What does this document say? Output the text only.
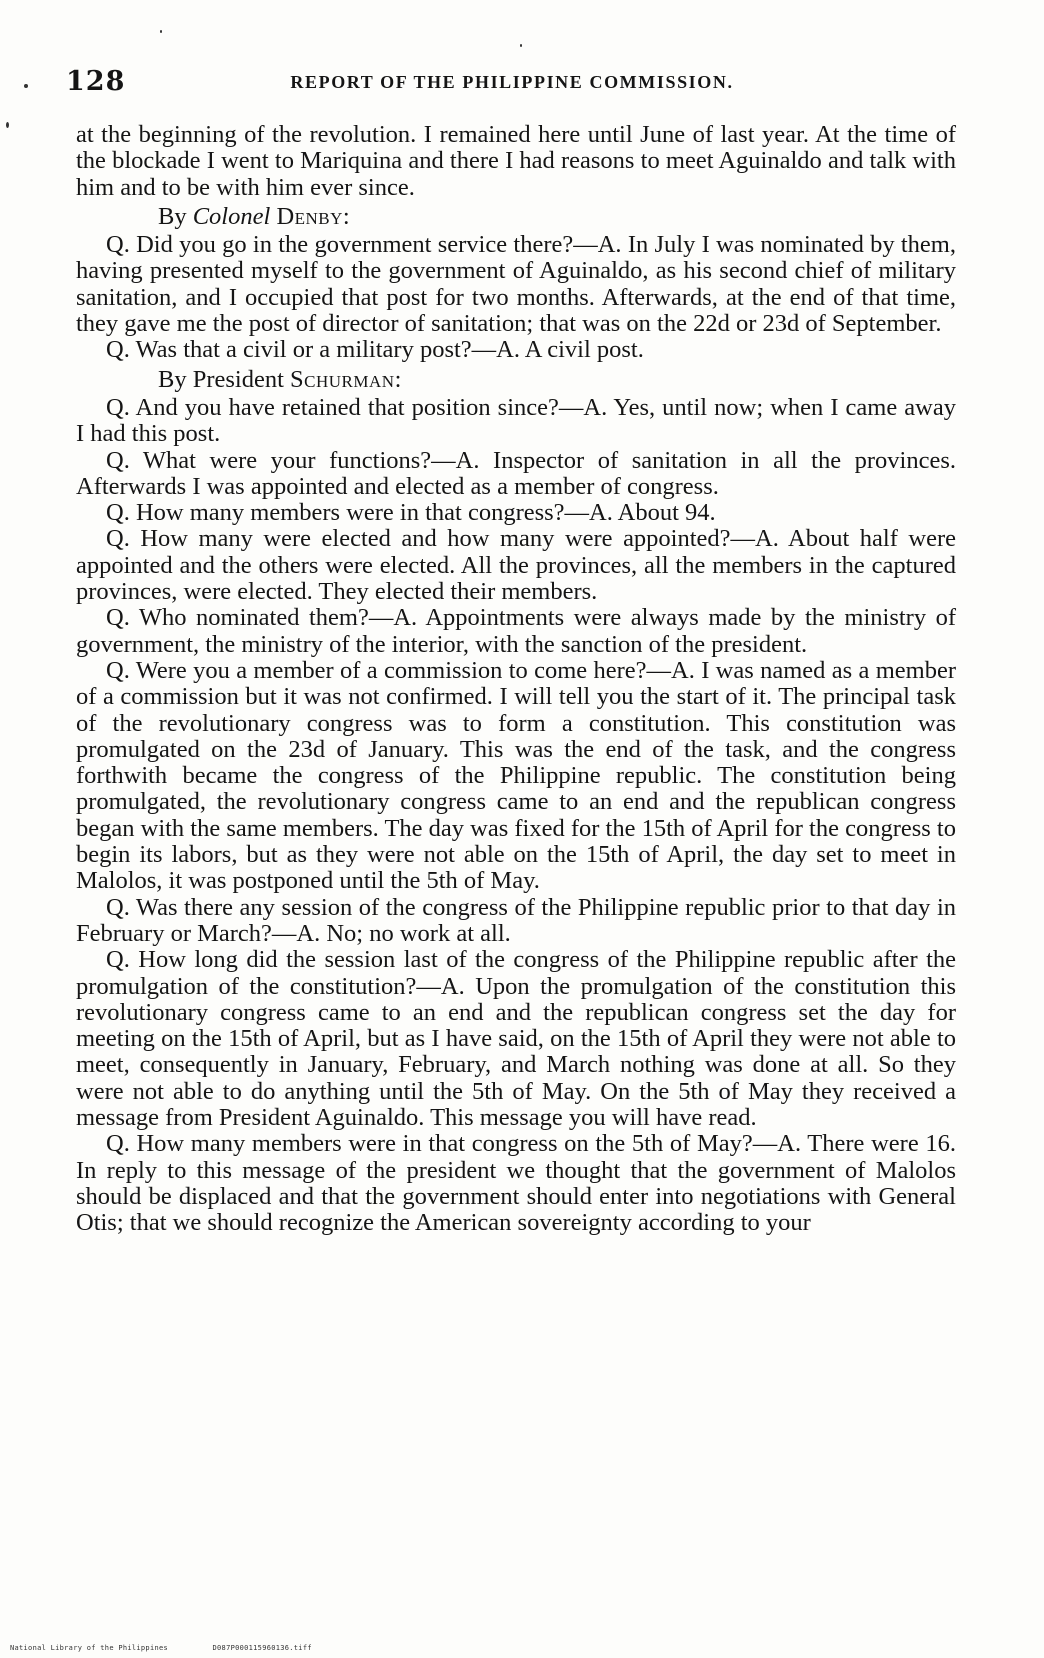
128	REPORT OF THE PHILIPPINE COMMISSION.

at the beginning of the revolution. I remained here until June of last year. At the time of the blockade I went to Mariquina and there I had reasons to meet Aguinaldo and talk with him and to be with him ever since.

By Colonel Denby:

Q. Did you go in the government service there?—A. In July I was nominated by them, having presented myself to the government of Aguinaldo, as his second chief of military sanitation, and I occupied that post for two months. Afterwards, at the end of that time, they gave me the post of director of sanitation; that was on the 22d or 23d of September.

Q. Was that a civil or a military post?—A. A civil post.

By President Schurman:

Q. And you have retained that position since?—A. Yes, until now; when I came away I had this post.

Q. What were your functions?—A. Inspector of sanitation in all the provinces. Afterwards I was appointed and elected as a member of congress.

Q. How many members were in that congress?—A. About 94.

Q. How many were elected and how many were appointed?—A. About half were appointed and the others were elected. All the provinces, all the members in the captured provinces, were elected. They elected their members.

Q. Who nominated them?—A. Appointments were always made by the ministry of government, the ministry of the interior, with the sanction of the president.

Q. Were you a member of a commission to come here?—A. I was named as a member of a commission but it was not confirmed. I will tell you the start of it. The principal task of the revolutionary congress was to form a constitution. This constitution was promulgated on the 23d of January. This was the end of the task, and the congress forthwith became the congress of the Philippine republic. The constitution being promulgated, the revolutionary congress came to an end and the republican congress began with the same members. The day was fixed for the 15th of April for the congress to begin its labors, but as they were not able on the 15th of April, the day set to meet in Malolos, it was postponed until the 5th of May.

Q. Was there any session of the congress of the Philippine republic prior to that day in February or March?—A. No; no work at all.

Q. How long did the session last of the congress of the Philippine republic after the promulgation of the constitution?—A. Upon the promulgation of the constitution this revolutionary congress came to an end and the republican congress set the day for meeting on the 15th of April, but as I have said, on the 15th of April they were not able to meet, consequently in January, February, and March nothing was done at all. So they were not able to do anything until the 5th of May. On the 5th of May they received a message from President Aguinaldo. This message you will have read.

Q. How many members were in that congress on the 5th of May?—A. There were 16. In reply to this message of the president we thought that the government of Malolos should be displaced and that the government should enter into negotiations with General Otis; that we should recognize the American sovereignty according to your

National Library of the Philippines	D087P000115960136.tiff
